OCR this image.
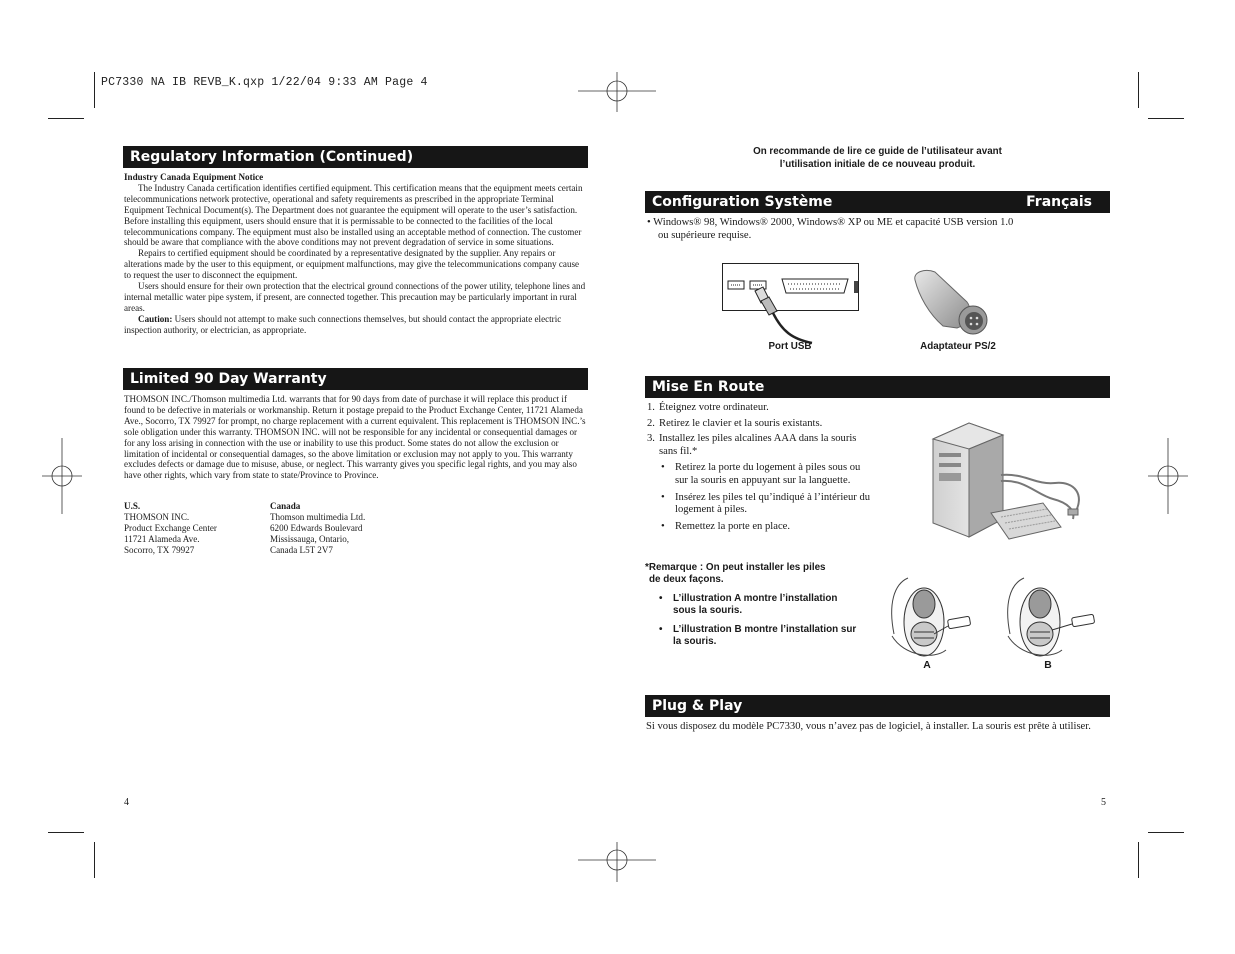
PC7330 NA IB REVB_K.qxp 1/22/04 9:33 AM Page 4
Regulatory Information (Continued)

Industry Canada Equipment Notice

The Industry Canada certification identifies certified equipment. This certification means that the equipment meets certain telecommunications network protective, operational and safety requirements as prescribed in the appropriate Terminal Equipment Technical Document(s). The Department does not guarantee the equipment will operate to the user’s satisfaction. Before installing this equipment, users should ensure that it is permissable to be connected to the facilities of the local telecommunications company. The equipment must also be installed using an acceptable method of connection. The customer should be aware that compliance with the above conditions may not prevent degradation of service in some situations.

Repairs to certified equipment should be coordinated by a representative designated by the supplier. Any repairs or alterations made by the user to this equipment, or equipment malfunctions, may give the telecommunications company cause to request the user to disconnect the equipment.

Users should ensure for their own protection that the electrical ground connections of the power utility, telephone lines and internal metallic water pipe system, if present, are connected together. This precaution may be particularly important in rural areas.

Caution: Users should not attempt to make such connections themselves, but should contact the appropriate electric inspection authority, or electrician, as appropriate.

Limited 90 Day Warranty
THOMSON INC./Thomson multimedia Ltd. warrants that for 90 days from date of purchase it will replace this product if found to be defective in materials or workmanship. Return it postage prepaid to the Product Exchange Center, 11721 Alameda Ave., Socorro, TX 79927 for prompt, no charge replacement with a current equivalent. This replacement is THOMSON INC.’s sole obligation under this warranty. THOMSON INC. will not be responsible for any incidental or consequential damages or for any loss arising in connection with the use or inability to use this product. Some states do not allow the exclusion or limitation of incidental or consequential damages, so the above limitation or exclusion may not apply to you. This warranty excludes defects or damage due to misuse, abuse, or neglect. This warranty gives you specific legal rights, and you may also have other rights, which vary from state to state/Province to Province.

U.S.

THOMSON INC.

Product Exchange Center

11721 Alameda Ave.

Socorro, TX 79927

Canada

Thomson multimedia Ltd.

6200 Edwards Boulevard

Mississauga, Ontario,

Canada L5T 2V7

4
On recommande de lire ce guide de l’utilisateur avant
l’utilisation initiale de ce nouveau produit.
Configuration Système	Français
• Windows® 98, Windows® 2000, Windows® XP ou ME et capacité USB version 1.0
ou supérieure requise.
Port USB	Adaptateur PS/2
Mise En Route
1. Éteignez votre ordinateur.
2. Retirez le clavier et la souris existants.
3. Installez les piles alcalines AAA dans la souris sans fil.*
• Retirez la porte du logement à piles sous ou sur la souris en appuyant sur la languette.
• Insérez les piles tel qu’indiqué à l’intérieur du logement à piles.
• Remettez la porte en place.
*Remarque : On peut installer les piles
de deux façons.
• L’illustration A montre l’installation sous la souris.
• L’illustration B montre l’installation sur la souris.
A	B
Plug & Play
Si vous disposez du modèle PC7330, vous n’avez pas de logiciel, à installer. La souris est prête à utiliser.
5
